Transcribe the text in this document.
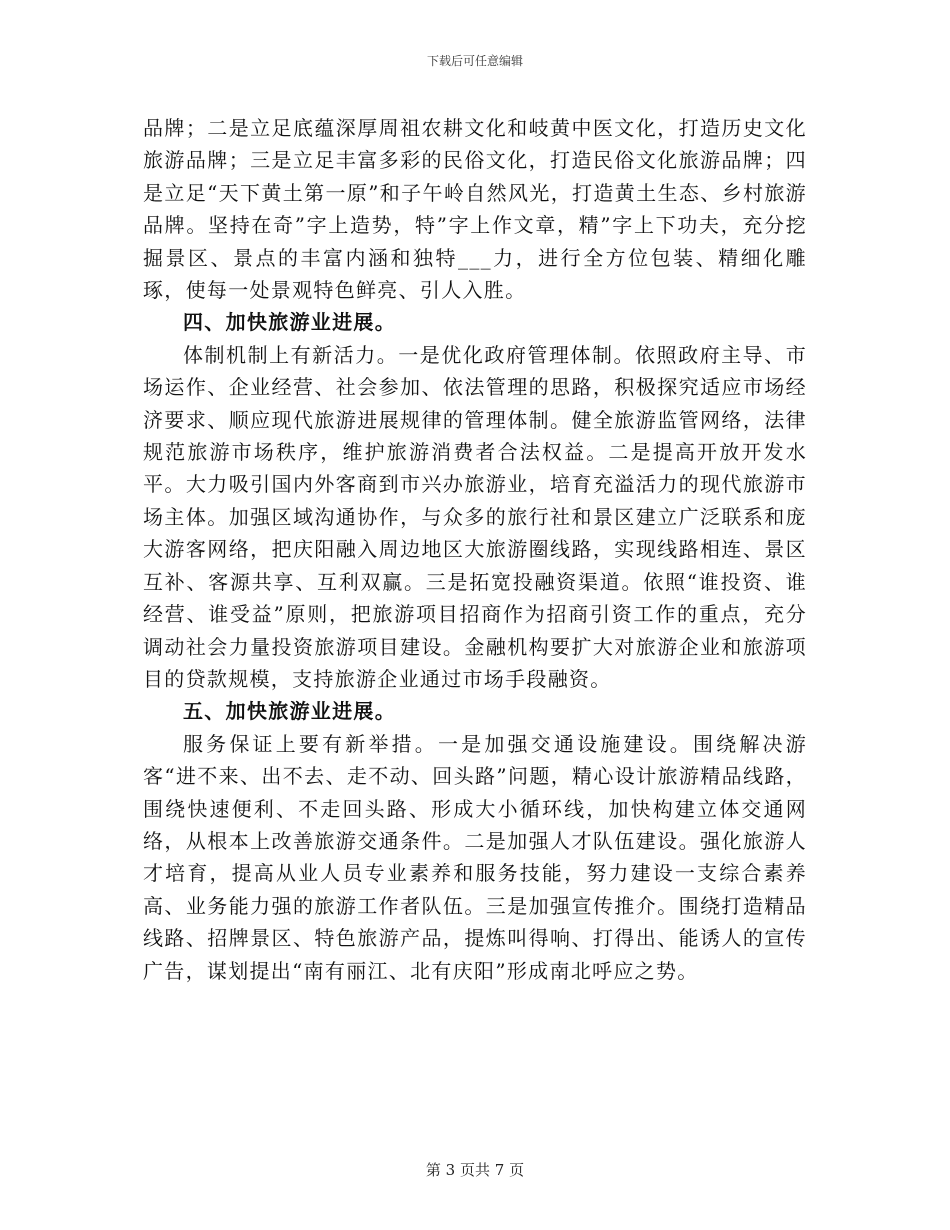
下载后可任意编辑

品牌；二是立足底蕴深厚周祖农耕文化和岐黄中医文化，打造历史文化旅游品牌；三是立足丰富多彩的民俗文化，打造民俗文化旅游品牌；四是立足“天下黄土第一原”和子午岭自然风光，打造黄土生态、乡村旅游品牌。坚持在奇”字上造势，特”字上作文章，精”字上下功夫，充分挖掘景区、景点的丰富内涵和独特___力，进行全方位包装、精细化雕琢，使每一处景观特色鲜亮、引人入胜。

四、加快旅游业进展。

体制机制上有新活力。一是优化政府管理体制。依照政府主导、市场运作、企业经营、社会参加、依法管理的思路，积极探究适应市场经济要求、顺应现代旅游进展规律的管理体制。健全旅游监管网络，法律规范旅游市场秩序，维护旅游消费者合法权益。二是提高开放开发水平。大力吸引国内外客商到市兴办旅游业，培育充溢活力的现代旅游市场主体。加强区域沟通协作，与众多的旅行社和景区建立广泛联系和庞大游客网络，把庆阳融入周边地区大旅游圈线路，实现线路相连、景区互补、客源共享、互利双赢。三是拓宽投融资渠道。依照“谁投资、谁经营、谁受益”原则，把旅游项目招商作为招商引资工作的重点，充分调动社会力量投资旅游项目建设。金融机构要扩大对旅游企业和旅游项目的贷款规模，支持旅游企业通过市场手段融资。

五、加快旅游业进展。

服务保证上要有新举措。一是加强交通设施建设。围绕解决游客“进不来、出不去、走不动、回头路”问题，精心设计旅游精品线路，围绕快速便利、不走回头路、形成大小循环线，加快构建立体交通网络，从根本上改善旅游交通条件。二是加强人才队伍建设。强化旅游人才培育，提高从业人员专业素养和服务技能，努力建设一支综合素养高、业务能力强的旅游工作者队伍。三是加强宣传推介。围绕打造精品线路、招牌景区、特色旅游产品，提炼叫得响、打得出、能诱人的宣传广告，谋划提出“南有丽江、北有庆阳”形成南北呼应之势。

第 3 页共 7 页
